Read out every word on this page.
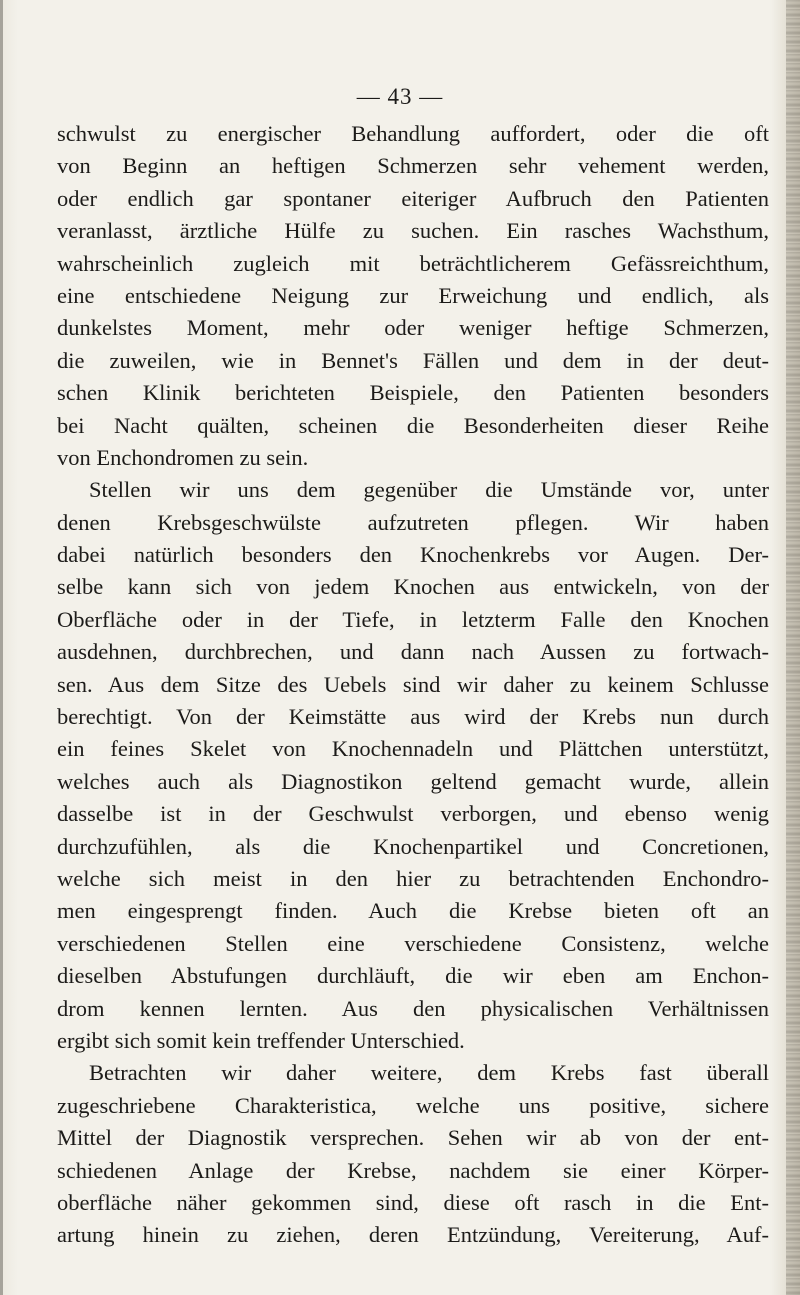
— 43 —
schwulst zu energischer Behandlung auffordert, oder die oft
von Beginn an heftigen Schmerzen sehr vehement werden,
oder endlich gar spontaner eiteriger Aufbruch den Patienten
veranlasst, ärztliche Hülfe zu suchen. Ein rasches Wachsthum,
wahrscheinlich zugleich mit beträchtlicherem Gefässreichthum,
eine entschiedene Neigung zur Erweichung und endlich, als
dunkelstes Moment, mehr oder weniger heftige Schmerzen,
die zuweilen, wie in Bennet's Fällen und dem in der deut-
schen Klinik berichteten Beispiele, den Patienten besonders
bei Nacht quälten, scheinen die Besonderheiten dieser Reihe
von Enchondromen zu sein.
Stellen wir uns dem gegenüber die Umstände vor, unter
denen Krebsgeschwülste aufzutreten pflegen. Wir haben
dabei natürlich besonders den Knochenkrebs vor Augen. Der-
selbe kann sich von jedem Knochen aus entwickeln, von der
Oberfläche oder in der Tiefe, in letzterm Falle den Knochen
ausdehnen, durchbrechen, und dann nach Aussen zu fortwach-
sen. Aus dem Sitze des Uebels sind wir daher zu keinem Schlusse
berechtigt. Von der Keimstätte aus wird der Krebs nun durch
ein feines Skelet von Knochennadeln und Plättchen unterstützt,
welches auch als Diagnostikon geltend gemacht wurde, allein
dasselbe ist in der Geschwulst verborgen, und ebenso wenig
durchzufühlen, als die Knochenpartikel und Concretionen,
welche sich meist in den hier zu betrachtenden Enchondro-
men eingesprengt finden. Auch die Krebse bieten oft an
verschiedenen Stellen eine verschiedene Consistenz, welche
dieselben Abstufungen durchläuft, die wir eben am Enchon-
drom kennen lernten. Aus den physicalischen Verhältnissen
ergibt sich somit kein treffender Unterschied.
Betrachten wir daher weitere, dem Krebs fast überall
zugeschriebene Charakteristica, welche uns positive, sichere
Mittel der Diagnostik versprechen. Sehen wir ab von der ent-
schiedenen Anlage der Krebse, nachdem sie einer Körper-
oberfläche näher gekommen sind, diese oft rasch in die Ent-
artung hinein zu ziehen, deren Entzündung, Vereiterung, Auf-
